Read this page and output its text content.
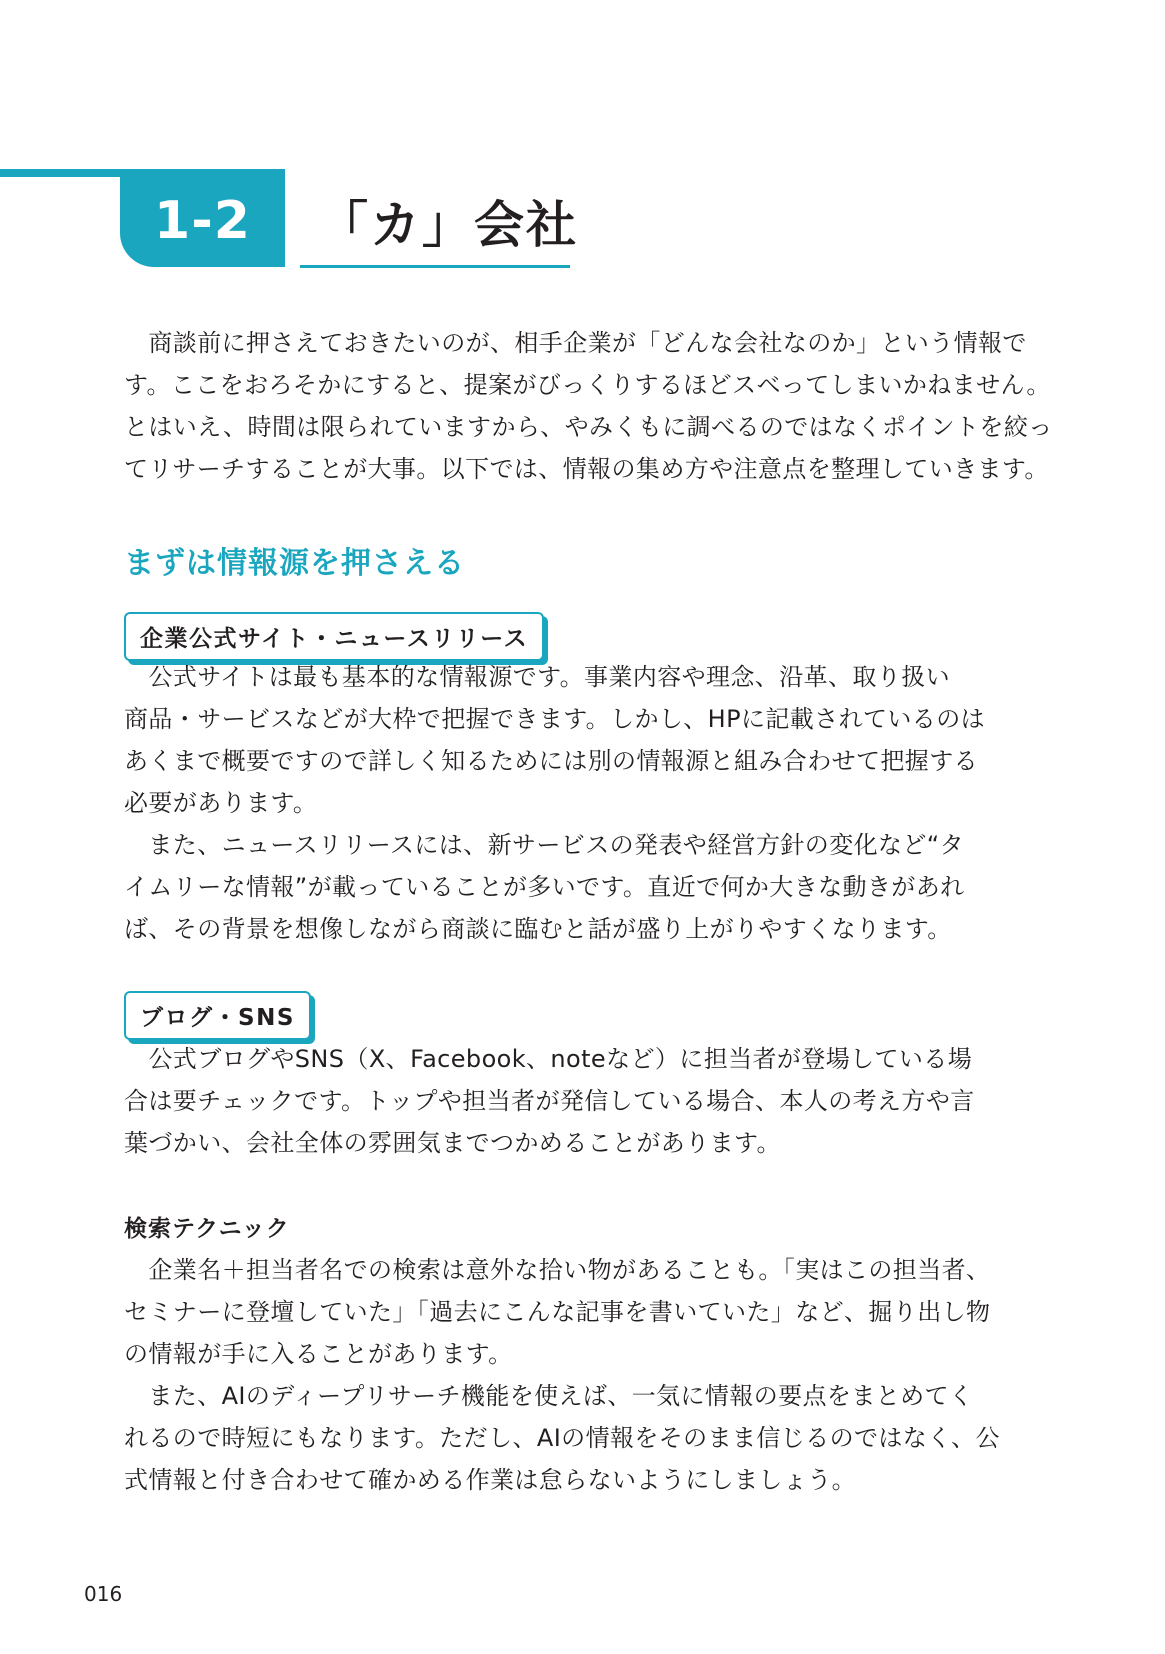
1-2 「カ」会社

　商談前に押さえておきたいのが、相手企業が「どんな会社なのか」という情報で

す。ここをおろそかにすると、提案がびっくりするほどスベってしまいかねません。

とはいえ、時間は限られていますから、やみくもに調べるのではなくポイントを絞っ

てリサーチすることが大事。以下では、情報の集め方や注意点を整理していきます。

まずは情報源を押さえる
企業公式サイト・ニュースリリース

　公式サイトは最も基本的な情報源です。事業内容や理念、沿革、取り扱い

商品・サービスなどが大枠で把握できます。しかし、HPに記載されているのは

あくまで概要ですので詳しく知るためには別の情報源と組み合わせて把握する

必要があります。

　また、ニュースリリースには、新サービスの発表や経営方針の変化など“タ

イムリーな情報”が載っていることが多いです。直近で何か大きな動きがあれ

ば、その背景を想像しながら商談に臨むと話が盛り上がりやすくなります。

ブログ・SNS

　公式ブログやSNS（X、Facebook、noteなど）に担当者が登場している場

合は要チェックです。トップや担当者が発信している場合、本人の考え方や言

葉づかい、会社全体の雰囲気までつかめることがあります。

検索テクニック

　企業名＋担当者名での検索は意外な拾い物があることも。「実はこの担当者、

セミナーに登壇していた」「過去にこんな記事を書いていた」など、掘り出し物

の情報が手に入ることがあります。

　また、AIのディープリサーチ機能を使えば、一気に情報の要点をまとめてく

れるので時短にもなります。ただし、AIの情報をそのまま信じるのではなく、公

式情報と付き合わせて確かめる作業は怠らないようにしましょう。

016
